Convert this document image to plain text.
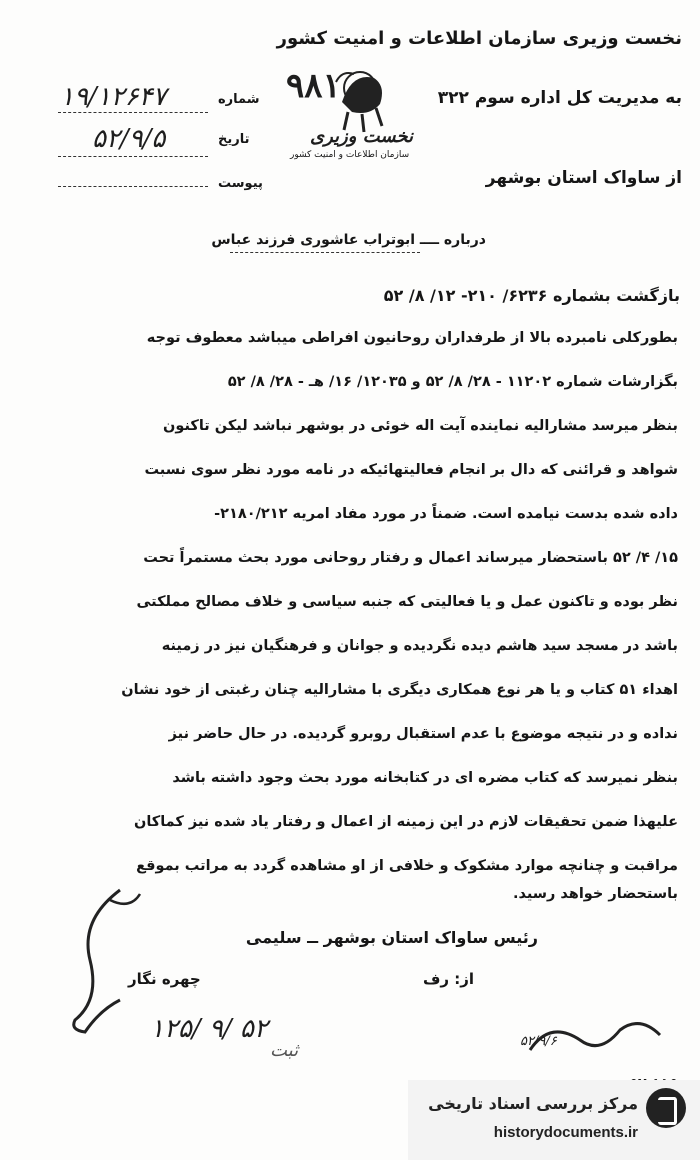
نخست وزیری سازمان اطلاعات و امنیت کشور
به مدیریت کل اداره سوم ۳۲۲
از ساواک استان بوشهر
شماره
۱۹/۱۲۶۴۷
تاریخ
۵۲/۹/۵
پیوست
۹۸۱
نخست وزیری
سازمان اطلاعات و امنیت کشور
درباره ــــ ابوتراب عاشوری فرزند عباس
بازگشت بشماره ۶۲۳۶/ ۲۱۰- ۱۲/ ۸/ ۵۲
بطورکلی نامبرده بالا از طرفداران روحانیون افراطی میباشد معطوف توجه
بگزارشات شماره ۱۱۲۰۲ - ۲۸/ ۸/ ۵۲ و ۱۲۰۳۵/ ۱۶/ هـ - ۲۸/ ۸/ ۵۲
بنظر میرسد مشارالیه نماینده آیت اله خوئی در بوشهر نباشد لیکن تاکنون
شواهد و قرائنی که دال بر انجام فعالیتهائیکه در نامه مورد نظر سوی نسبت
داده شده بدست نیامده است. ضمناً در مورد مفاد امریه ۲۱۸۰/۲۱۲-
۱۵/ ۴/ ۵۲ باستحضار میرساند اعمال و رفتار روحانی مورد بحث مستمراً تحت
نظر بوده و تاکنون عمل و یا فعالیتی که جنبه سیاسی و خلاف مصالح مملکتی
باشد در مسجد سید هاشم دیده نگردیده و جوانان و فرهنگیان نیز در زمینه
اهداء ۵۱ کتاب و یا هر نوع همکاری دیگری با مشارالیه چنان رغبتی از خود نشان
نداده و در نتیجه موضوع با عدم استقبال روبرو گردیده. در حال حاضر نیز
بنظر نمیرسد که کتاب مضره ای در کتابخانه مورد بحث وجود داشته باشد
علیهذا ضمن تحقیقات لازم در این زمینه از اعمال و رفتار یاد شده نیز کماکان
مراقبت و چنانچه موارد مشکوک و خلافی از او مشاهده گردد به مراتب بموقع
باستحضار خواهد رسید.
رئیس ساواک استان بوشهر ــ سلیمی
از: رف
چهره نگار
۱۲۵/ ۹/ ۵۲
ثبت	۵۲/۹/۶
مرکز بررسی اسناد تاریخی
historydocuments.ir
